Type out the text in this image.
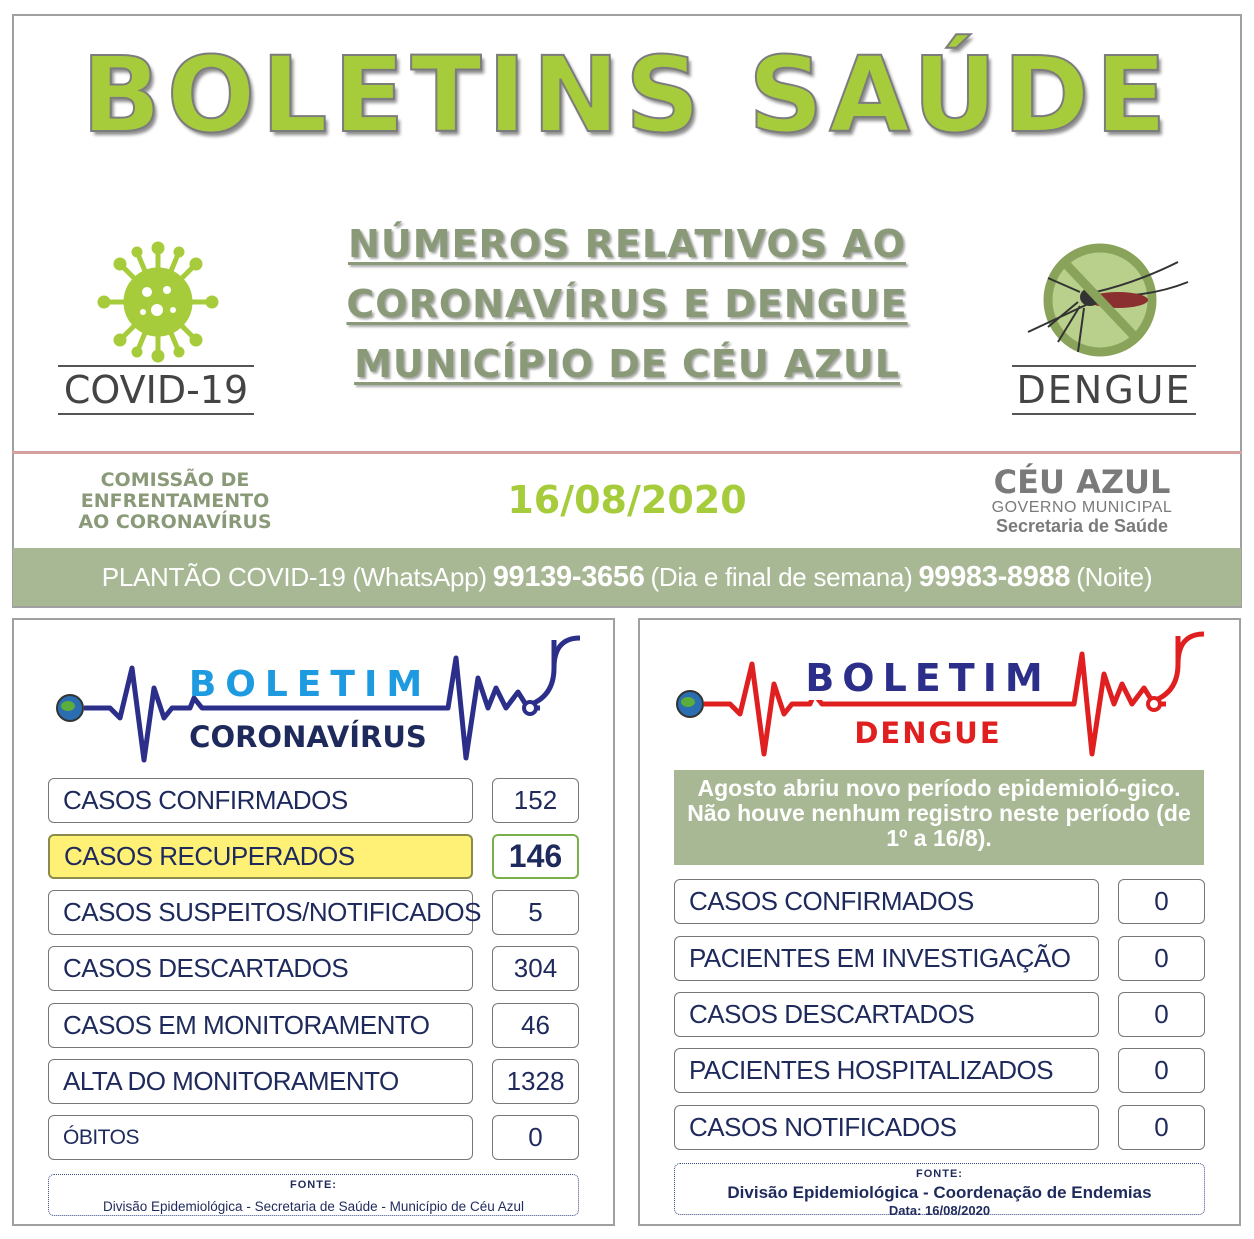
BOLETINS SAÚDE
NÚMEROS RELATIVOS AO
CORONAVÍRUS E DENGUE
MUNICÍPIO DE CÉU AZUL
COVID-19	DENGUE
COMISSÃO DE
ENFRENTAMENTO
AO CORONAVÍRUS	16/08/2020	CÉU AZUL
GOVERNO MUNICIPAL
Secretaria de Saúde
PLANTÃO COVID-19 (WhatsApp) 99139-3656 (Dia e final de semana) 99983-8988 (Noite)
BOLETIM
CORONAVÍRUS
CASOS CONFIRMADOS	152
CASOS RECUPERADOS	146
CASOS SUSPEITOS/NOTIFICADOS	5
CASOS DESCARTADOS	304
CASOS EM MONITORAMENTO	46
ALTA DO MONITORAMENTO	1328
ÓBITOS	0
FONTE:
Divisão Epidemiológica - Secretaria de Saúde - Município de Céu Azul
BOLETIM
DENGUE
Agosto abriu novo período epidemioló-gico. Não houve nenhum registro neste período (de 1º a 16/8).
CASOS CONFIRMADOS	0
PACIENTES EM INVESTIGAÇÃO	0
CASOS DESCARTADOS	0
PACIENTES HOSPITALIZADOS	0
CASOS NOTIFICADOS	0
FONTE:
Divisão Epidemiológica - Coordenação de Endemias
Data: 16/08/2020
